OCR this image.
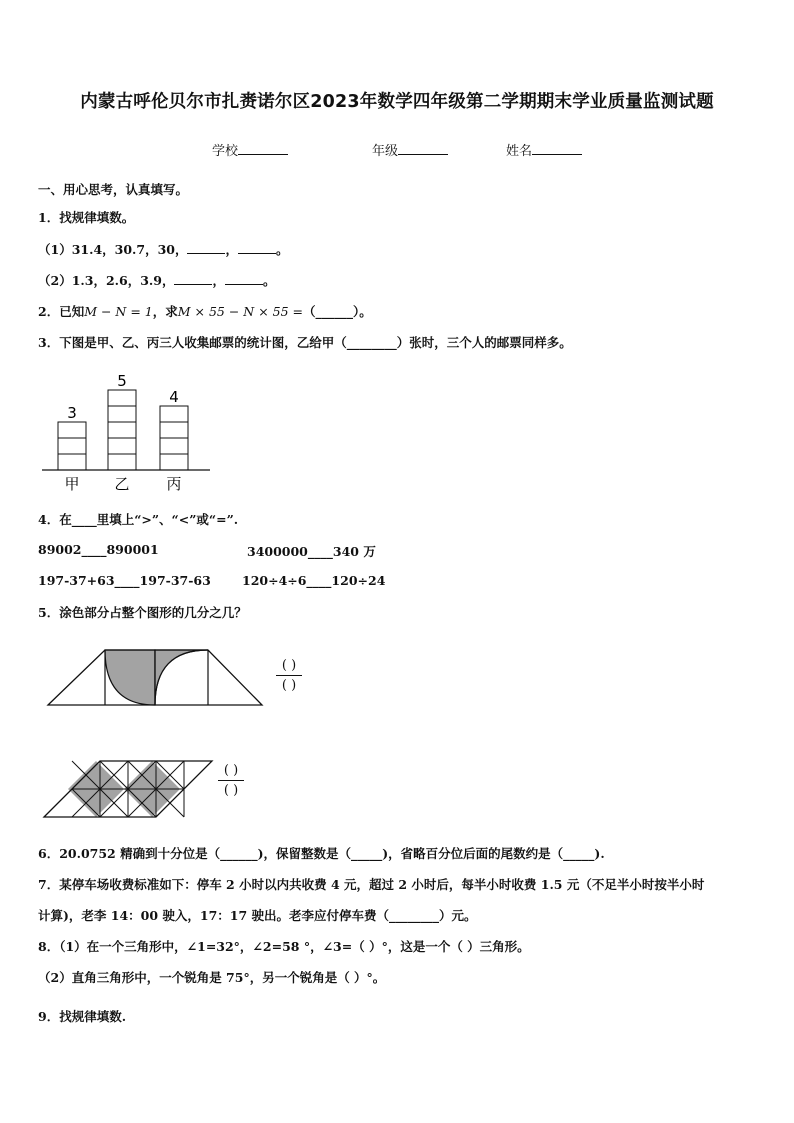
内蒙古呼伦贝尔市扎赉诺尔区2023年数学四年级第二学期期末学业质量监测试题
学校	年级	姓名
一、用心思考，认真填写。
1．找规律填数。
（1）31.4，30.7，30，	，	。
（2）1.3，2.6，3.9，	，	。
2．已知M − N = 1，求M × 55 − N × 55 =（______）。
3．下图是甲、乙、丙三人收集邮票的统计图，乙给甲（________）张时，三个人的邮票同样多。
3
甲
5
乙
4
丙
4．在____里填上“>”、“<”或“=”.
89002____890001	3400000____340 万
197-37+63____197-37-63 120÷4÷6____120÷24
5．涂色部分占整个图形的几分之几？
( )
( )
( )
( )
6．20.0752 精确到十分位是（______)，保留整数是（_____)，省略百分位后面的尾数约是（_____).
7．某停车场收费标准如下：停车 2 小时以内共收费 4 元，超过 2 小时后，每半小时收费 1.5 元（不足半小时按半小时
计算)，老李 14：00 驶入，17：17 驶出。老李应付停车费（________）元。
8．（1）在一个三角形中，∠1=32°，∠2=58 °，∠3=（ ）°，这是一个（ ）三角形。
（2）直角三角形中，一个锐角是 75°，另一个锐角是（ ）°。
9．找规律填数.
